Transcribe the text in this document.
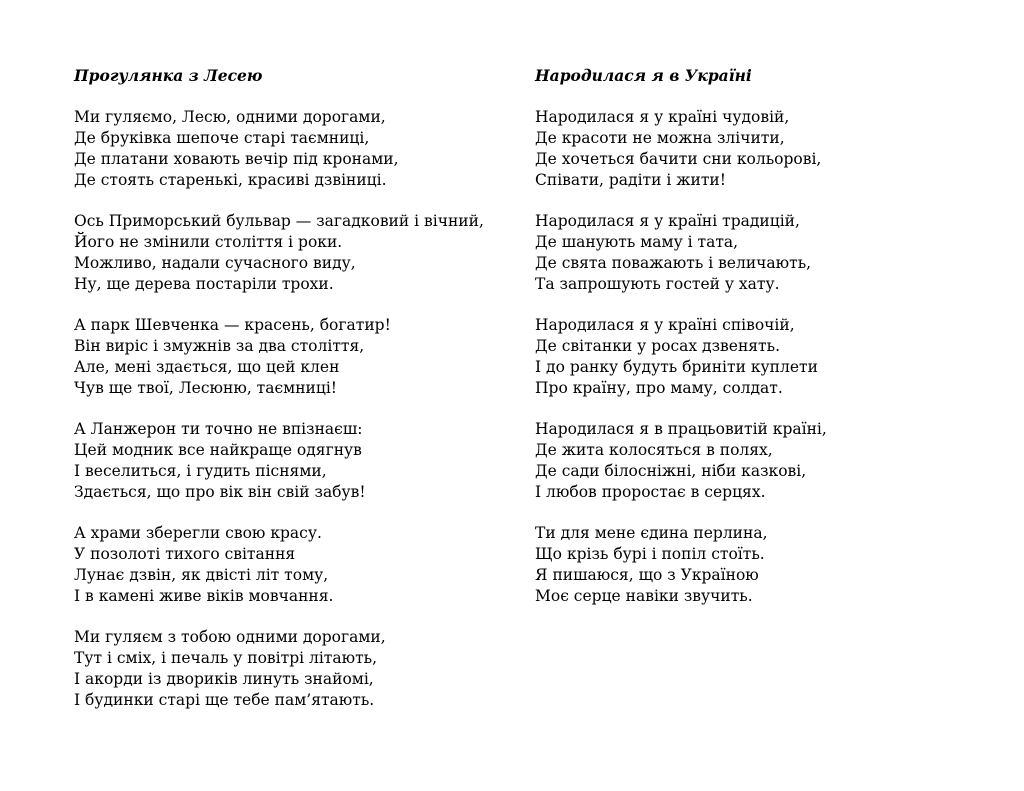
Прогулянка з Лесею
Ми гуляємо, Лесю, одними дорогами,
Де бруківка шепоче старі таємниці,
Де платани ховають вечір під кронами,
Де стоять старенькі, красиві дзвіниці.
Ось Приморський бульвар — загадковий і вічний,
Його не змінили століття і роки.
Можливо, надали сучасного виду,
Ну, ще дерева постаріли трохи.
А парк Шевченка — красень, богатир!
Він виріс і змужнів за два століття,
Але, мені здається, що цей клен
Чув ще твої, Лесюню, таємниці!
А Ланжерон ти точно не впізнаєш:
Цей модник все найкраще одягнув
І веселиться, і гудить піснями,
Здається, що про вік він свій забув!
А храми зберегли свою красу.
У позолоті тихого світання
Лунає дзвін, як двісті літ тому,
І в камені живе віків мовчання.
Ми гуляєм з тобою одними дорогами,
Тут і сміх, і печаль у повітрі літають,
І акорди із двориків линуть знайомі,
І будинки старі ще тебе пам’ятають.
Народилася я в Україні
Народилася я у країні чудовій,
Де красоти не можна злічити,
Де хочеться бачити сни кольорові,
Співати, радіти і жити!
Народилася я у країні традицій,
Де шанують маму і тата,
Де свята поважають і величають,
Та запрошують гостей у хату.
Народилася я у країні співочій,
Де світанки у росах дзвенять.
І до ранку будуть бриніти куплети
Про країну, про маму, солдат.
Народилася я в працьовитій країні,
Де жита колосяться в полях,
Де сади білосніжні, ніби казкові,
І любов проростає в серцях.
Ти для мене єдина перлина,
Що крізь бурі і попіл стоїть.
Я пишаюся, що з Україною
Моє серце навіки звучить.
